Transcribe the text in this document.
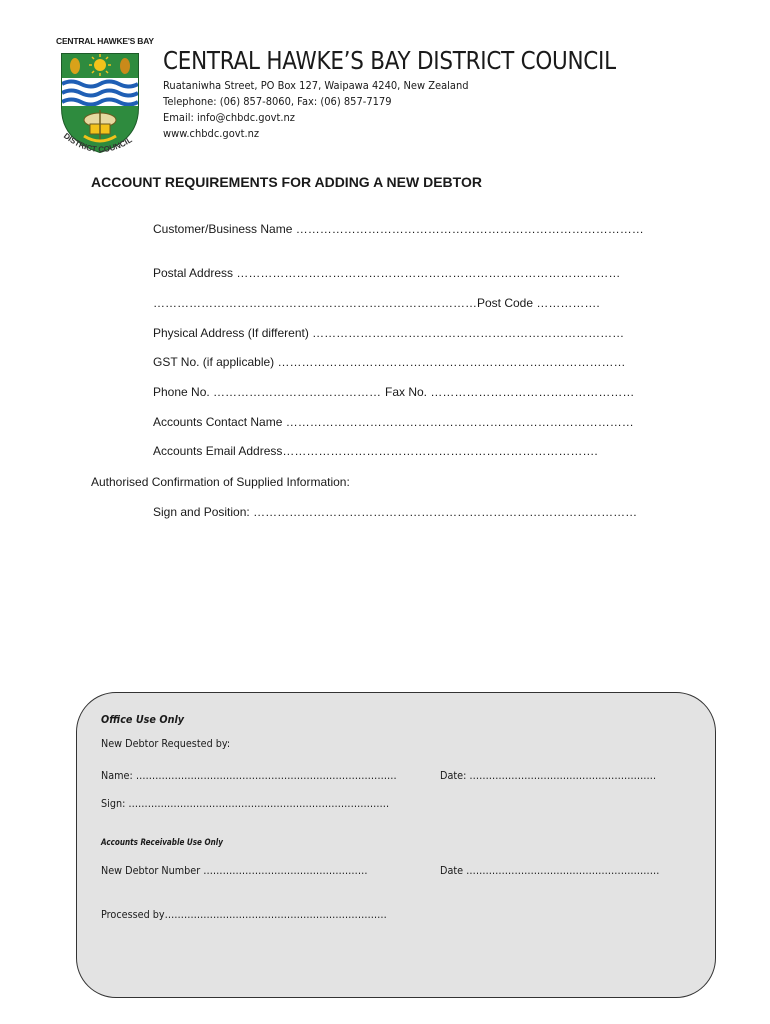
CENTRAL HAWKE'S BAY
DISTRICT COUNCIL
CENTRAL HAWKE’S BAY DISTRICT COUNCIL
Ruataniwha Street, PO Box 127, Waipawa 4240, New Zealand
Telephone: (06) 857-8060, Fax: (06) 857-7179
Email: info@chbdc.govt.nz
www.chbdc.govt.nz
ACCOUNT REQUIREMENTS FOR ADDING A NEW DEBTOR
Customer/Business Name ……………………………………………………………………………
Postal Address ……………………………………………………………………………………
………………………………………………………………………Post Code …………….
Physical Address (If different) ……………………………………………………………………
GST No. (if applicable) ……………………………………………………………………………
Phone No. …………………………………… Fax No. ……………………………………………
Accounts Contact Name ……………………………………………………………………………
Accounts Email Address…………………………………………………………………….
Authorised Confirmation of Supplied Information:
Sign and Position: ……………………………………………………………………………………
Office Use Only
New Debtor Requested by:
Name: ………………………………………………………………………	Date: ………………………………………………….
Sign: ………………………………………………………………………
Accounts Receivable Use Only
New Debtor Number ……………………………………………	Date ……………………………………………………
Processed by……………………………………………………………
